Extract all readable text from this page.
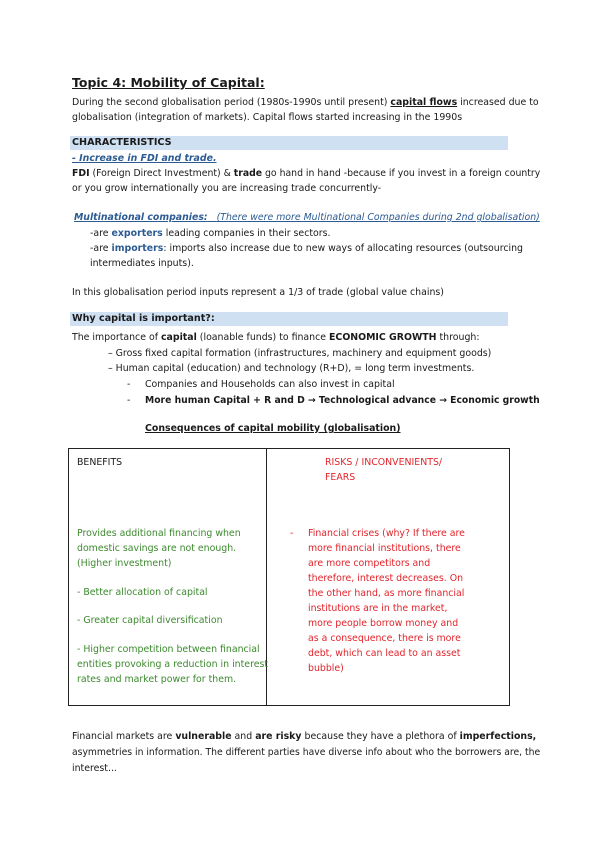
Topic 4: Mobility of Capital:
During the second globalisation period (1980s-1990s until present) capital flows increased due to
globalisation (integration of markets). Capital flows started increasing in the 1990s
CHARACTERISTICS
- Increase in FDI and trade.
FDI (Foreign Direct Investment) & trade go hand in hand -because if you invest in a foreign country
or you grow internationally you are increasing trade concurrently-
Multinational companies: (There were more Multinational Companies during 2nd globalisation)
-are exporters leading companies in their sectors.
-are importers: imports also increase due to new ways of allocating resources (outsourcing
intermediates inputs).
In this globalisation period inputs represent a 1/3 of trade (global value chains)
Why capital is important?:
The importance of capital (loanable funds) to finance ECONOMIC GROWTH through:
– Gross fixed capital formation (infrastructures, machinery and equipment goods)
– Human capital (education) and technology (R+D), = long term investments.
- Companies and Households can also invest in capital
- More human Capital + R and D → Technological advance → Economic growth
Consequences of capital mobility (globalisation)
BENEFITS	RISKS / INCONVENIENTS/
FEARS
Provides additional financing when
domestic savings are not enough.
(Higher investment)
- Better allocation of capital
- Greater capital diversification
- Higher competition between financial
entities provoking a reduction in interest
rates and market power for them.
- Financial crises (why? If there are
more financial institutions, there
are more competitors and
therefore, interest decreases. On
the other hand, as more financial
institutions are in the market,
more people borrow money and
as a consequence, there is more
debt, which can lead to an asset
bubble)
Financial markets are vulnerable and are risky because they have a plethora of imperfections,
asymmetries in information. The different parties have diverse info about who the borrowers are, the
interest...
